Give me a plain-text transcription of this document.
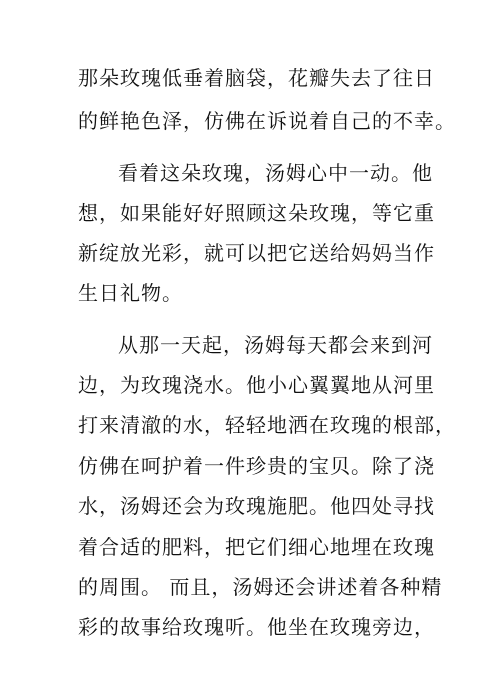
那朵玫瑰低垂着脑袋，花瓣失去了往日
的鲜艳色泽，仿佛在诉说着自己的不幸。
看着这朵玫瑰，汤姆心中一动。他
想，如果能好好照顾这朵玫瑰，等它重
新绽放光彩，就可以把它送给妈妈当作
生日礼物。
从那一天起，汤姆每天都会来到河
边，为玫瑰浇水。他小心翼翼地从河里
打来清澈的水，轻轻地洒在玫瑰的根部，
仿佛在呵护着一件珍贵的宝贝。除了浇
水，汤姆还会为玫瑰施肥。他四处寻找
着合适的肥料，把它们细心地埋在玫瑰
的周围。 而且，汤姆还会讲述着各种精
彩的故事给玫瑰听。他坐在玫瑰旁边，
